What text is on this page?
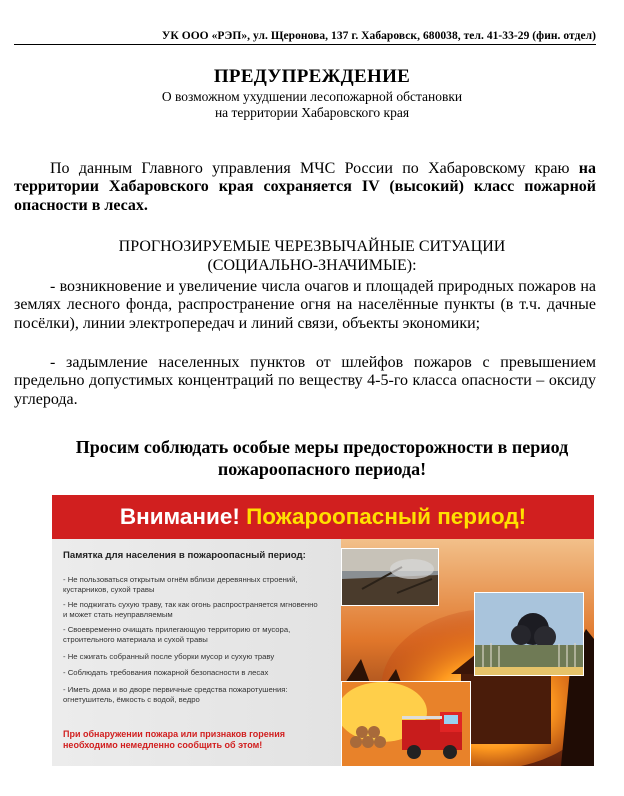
УК ООО «РЭП», ул. Щеронова, 137 г. Хабаровск, 680038, тел. 41-33-29 (фин. отдел)
ПРЕДУПРЕЖДЕНИЕ
О возможном ухудшении лесопожарной обстановки
на территории Хабаровского края
По данным Главного управления МЧС России по Хабаровскому краю на территории Хабаровского края сохраняется IV (высокий) класс пожарной опасности в лесах.
ПРОГНОЗИРУЕМЫЕ ЧЕРЕЗВЫЧАЙНЫЕ СИТУАЦИИ
(СОЦИАЛЬНО-ЗНАЧИМЫЕ):
- возникновение и увеличение числа очагов и площадей природных пожаров на землях лесного фонда, распространение огня на населённые пункты (в т.ч. дачные посёлки), линии электропередач и линий связи, объекты экономики;
- задымление населенных пунктов от шлейфов пожаров с превышением предельно допустимых концентраций по веществу 4-5-го класса опасности – оксиду углерода.
Просим соблюдать особые меры предосторожности в период
пожароопасного периода!
Внимание! Пожароопасный период!
Памятка для населения в пожароопасный период:
- Не пользоваться открытым огнём вблизи деревянных строений, кустарников, сухой травы
- Не поджигать сухую траву, так как огонь распространяется мгновенно и может стать неуправляемым
- Своевременно очищать прилегающую территорию от мусора, строительного материала и сухой травы
- Не сжигать собранный после уборки мусор и сухую траву
- Соблюдать требования пожарной безопасности в лесах
- Иметь дома и во дворе первичные средства пожаротушения: огнетушитель, ёмкость с водой, ведро
При обнаружении пожара или признаков горения необходимо немедленно сообщить об этом!
